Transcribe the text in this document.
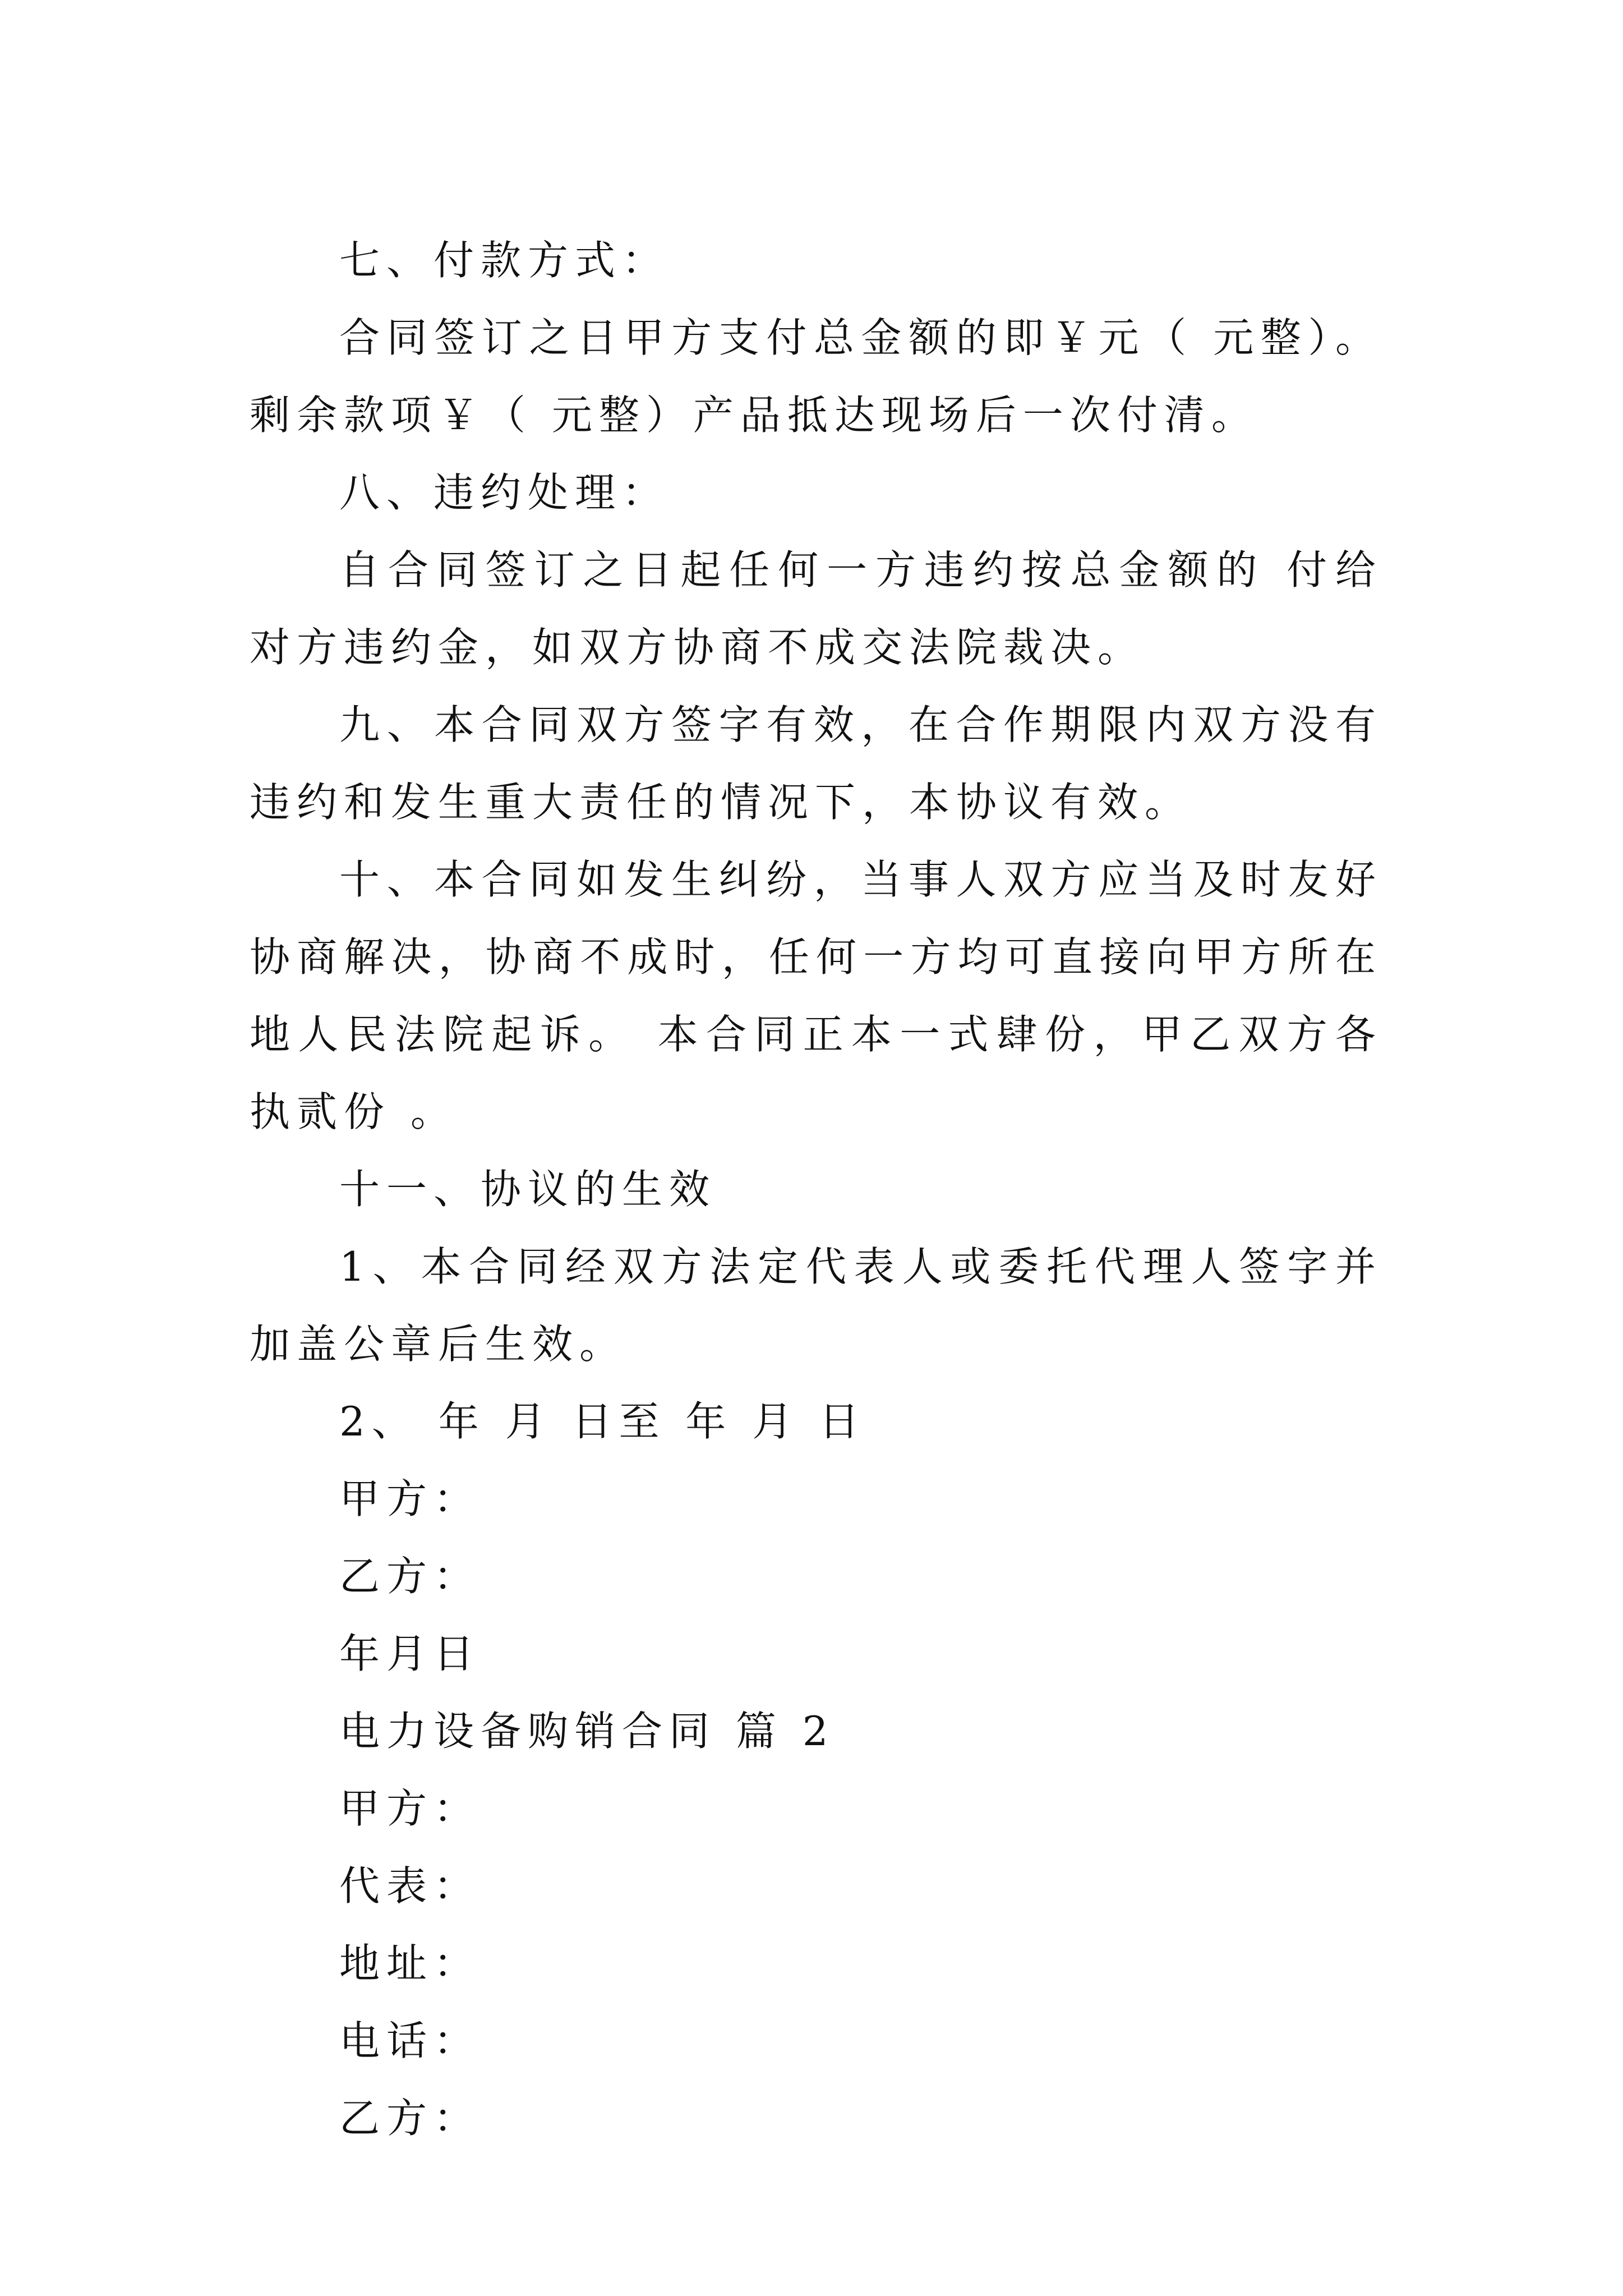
七、付款方式：

合同签订之日甲方支付总金额的即￥元（ 元整）。剩余款项￥（ 元整）产品抵达现场后一次付清。

八、违约处理：

自合同签订之日起任何一方违约按总金额的 付给对方违约金，如双方协商不成交法院裁决。

九、本合同双方签字有效，在合作期限内双方没有违约和发生重大责任的情况下，本协议有效。

十、本合同如发生纠纷，当事人双方应当及时友好协商解决，协商不成时，任何一方均可直接向甲方所在地人民法院起诉。 本合同正本一式肆份，甲乙双方各执贰份 。

十一、协议的生效

1、本合同经双方法定代表人或委托代理人签字并加盖公章后生效。

2、 年 月 日至 年 月 日

甲方：

乙方：

年月日

电力设备购销合同 篇 2

甲方：

代表：

地址：

电话：

乙方：
